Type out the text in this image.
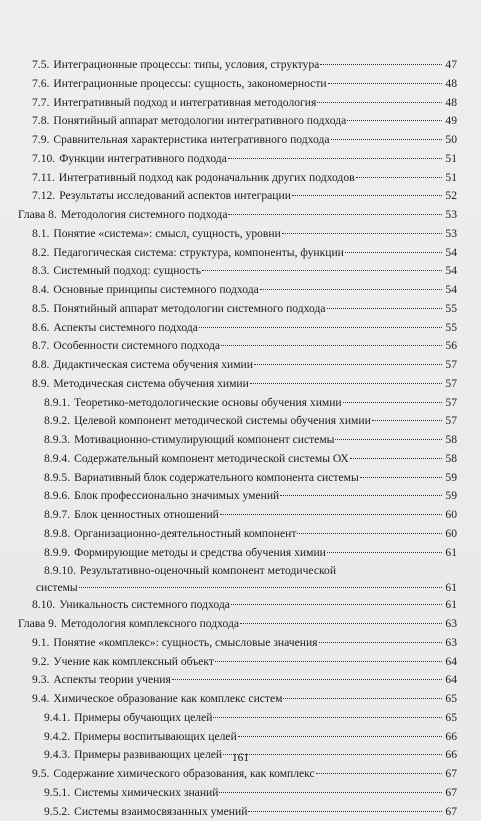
7.5. Интеграционные процессы: типы, условия, структура	47
7.6. Интеграционные процессы: сущность, закономерности	48
7.7. Интегративный подход и интегративная методология	48
7.8. Понятийный аппарат методологии интегративного подхода	49
7.9. Сравнительная характеристика интегративного подхода	50
7.10. Функции интегративного подхода	51
7.11. Интегративный подход как родоначальник других подходов	51
7.12. Результаты исследований аспектов интеграции	52
Глава 8. Методология системного подхода	53
8.1. Понятие «система»: смысл, сущность, уровни	53
8.2. Педагогическая система: структура, компоненты, функции	54
8.3. Системный подход: сущность	54
8.4. Основные принципы системного подхода	54
8.5. Понятийный аппарат методологии системного подхода	55
8.6. Аспекты системного подхода	55
8.7. Особенности системного подхода	56
8.8. Дидактическая система обучения химии	57
8.9. Методическая система обучения химии	57
8.9.1. Теоретико-методологические основы обучения химии	57
8.9.2. Целевой компонент методической системы обучения химии	57
8.9.3. Мотивационно-стимулирующий компонент системы	58
8.9.4. Содержательный компонент методической системы ОХ	58
8.9.5. Вариативный блок содержательного компонента системы	59
8.9.6. Блок профессионально значимых умений	59
8.9.7. Блок ценностных отношений	60
8.9.8. Организационно-деятельностный компонент	60
8.9.9. Формирующие методы и средства обучения химии	61
8.9.10. Результативно-оценочный компонент методической
системы	61
8.10. Уникальность системного подхода	61
Глава 9. Методология комплексного подхода	63
9.1. Понятие «комплекс»: сущность, смысловые значения	63
9.2. Учение как комплексный объект	64
9.3. Аспекты теории учения	64
9.4. Химическое образование как комплекс систем	65
9.4.1. Примеры обучающих целей	65
9.4.2. Примеры воспитывающих целей	66
9.4.3. Примеры развивающих целей	66
9.5. Содержание химического образования, как комплекс	67
9.5.1. Системы химических знаний	67
9.5.2. Системы взаимосвязанных умений	67
161
